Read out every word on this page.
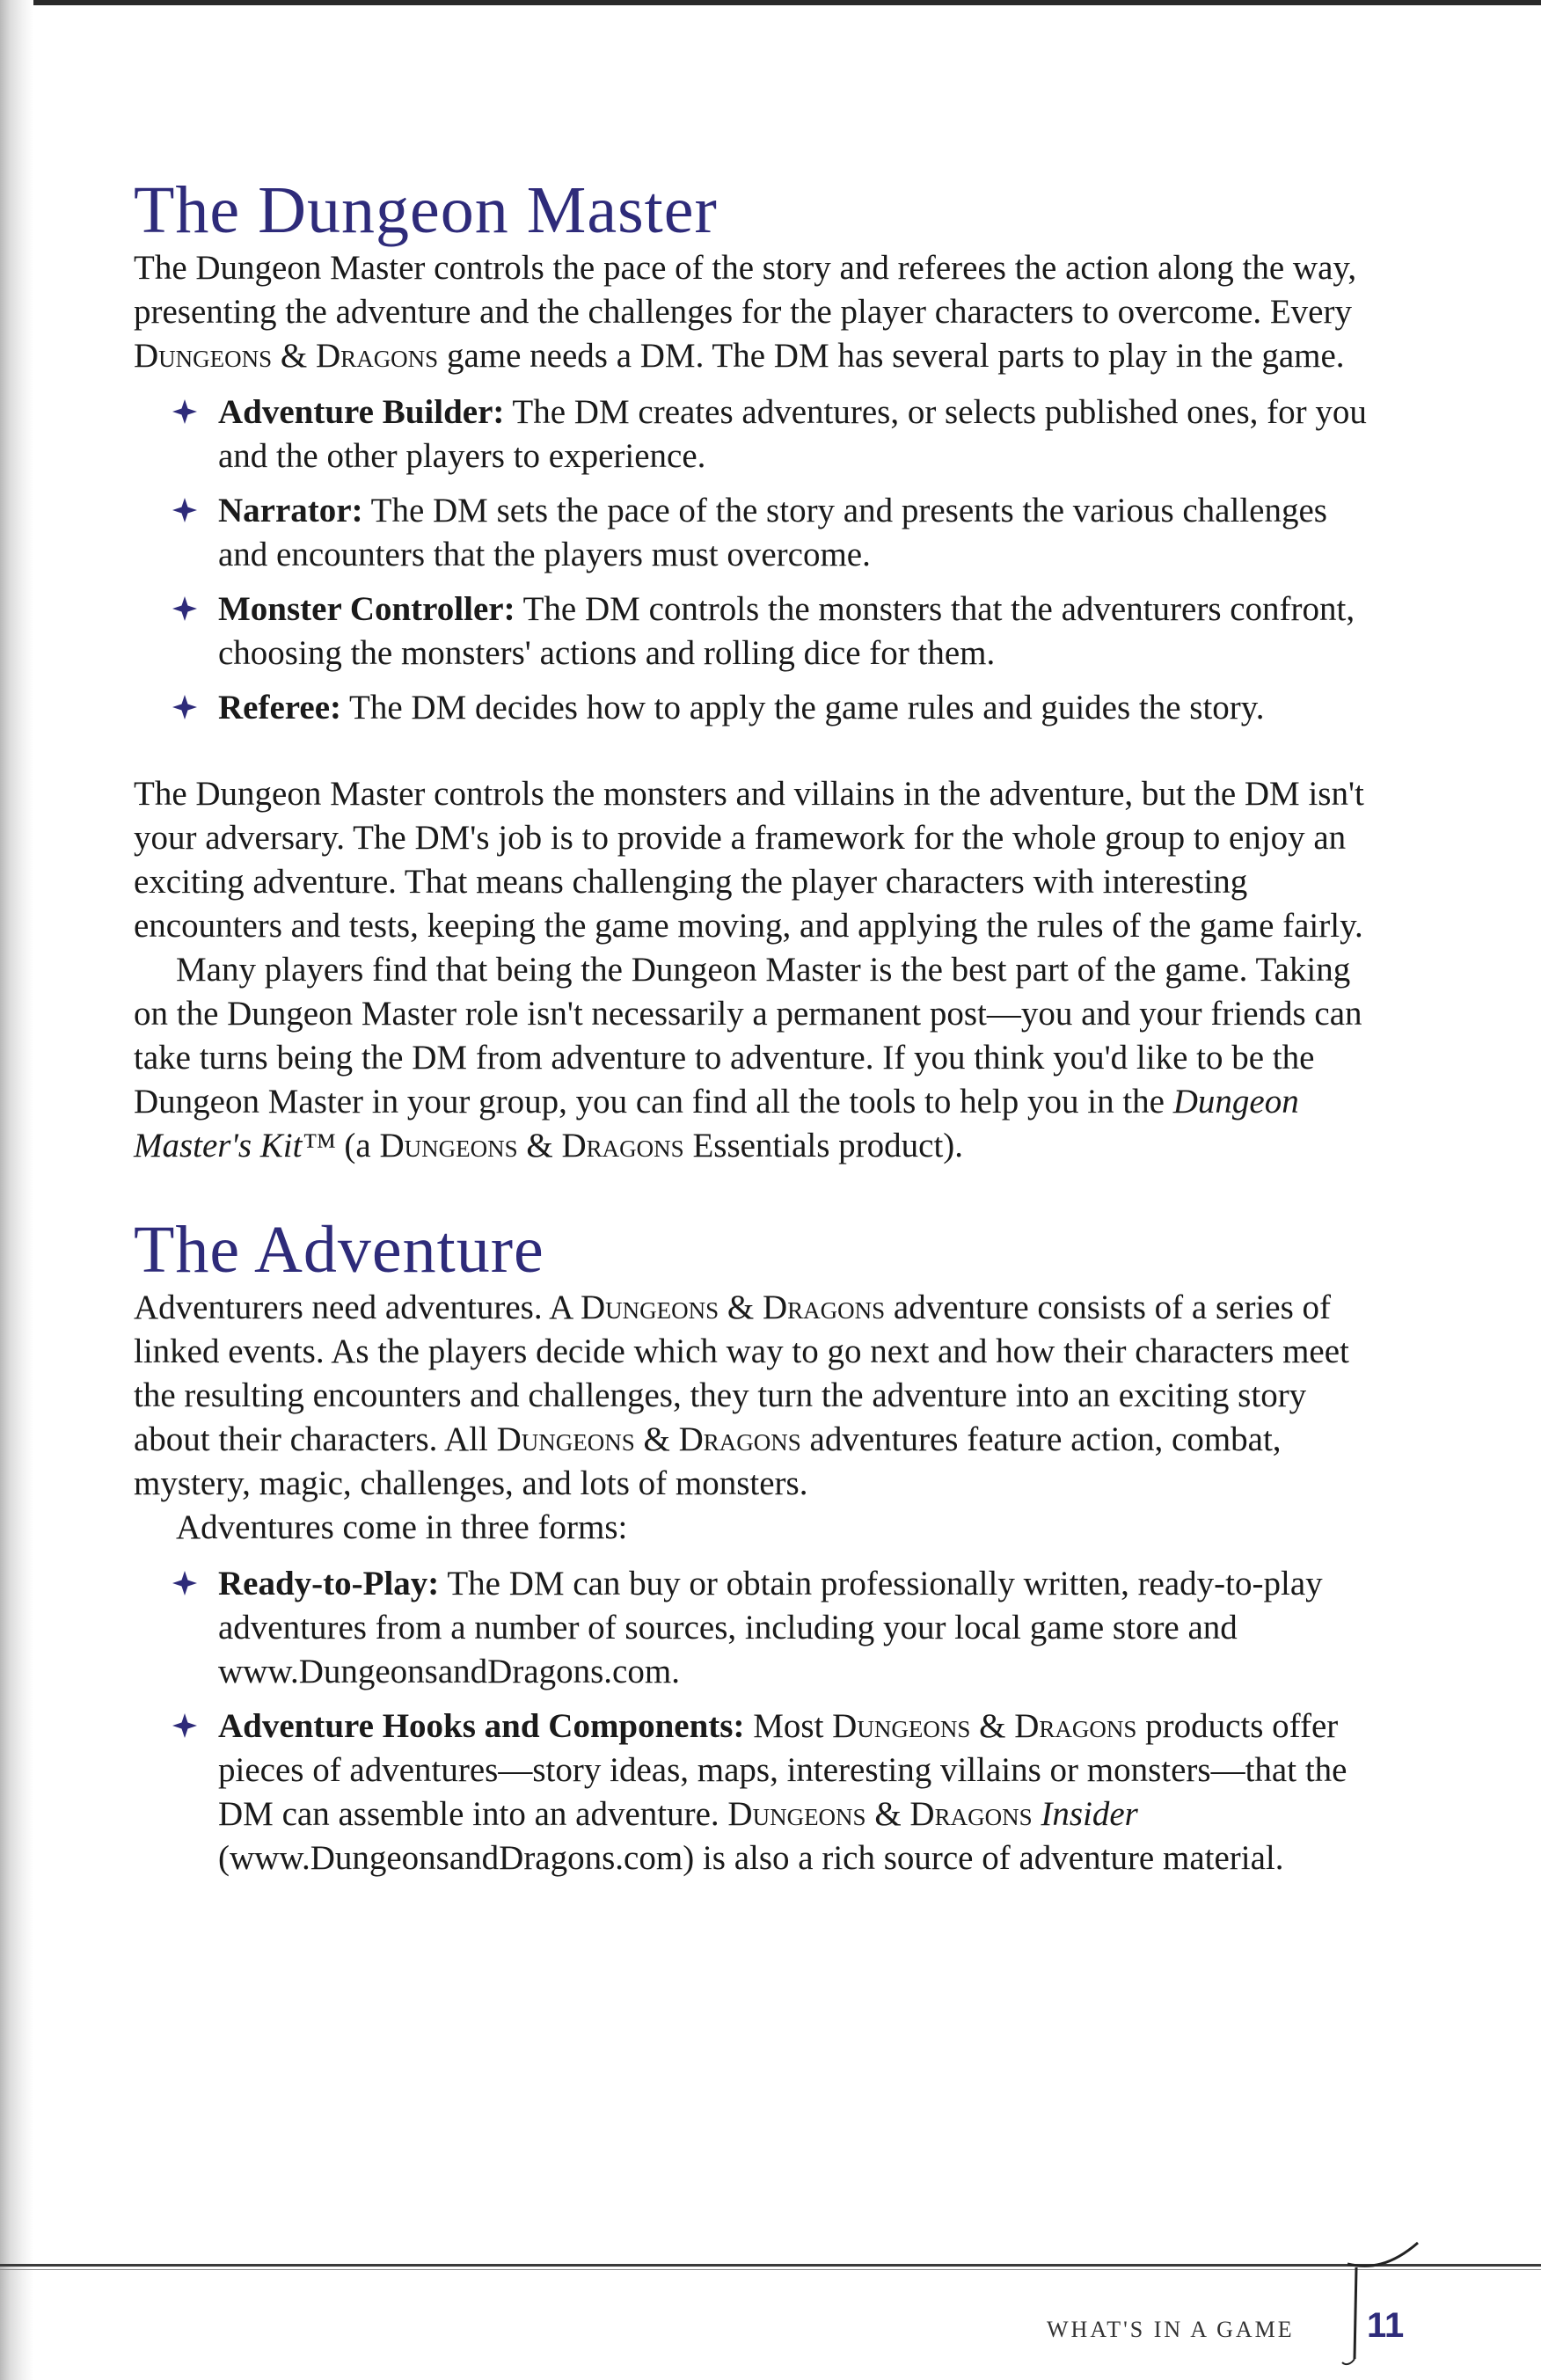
The Dungeon Master

The Dungeon Master controls the pace of the story and referees the action along the way, presenting the adventure and the challenges for the player characters to overcome. Every Dungeons & Dragons game needs a DM. The DM has several parts to play in the game.

Adventure Builder: The DM creates adventures, or selects published ones, for you and the other players to experience.
Narrator: The DM sets the pace of the story and presents the various challenges and encounters that the players must overcome.
Monster Controller: The DM controls the monsters that the adventurers confront, choosing the monsters' actions and rolling dice for them.
Referee: The DM decides how to apply the game rules and guides the story.

The Dungeon Master controls the monsters and villains in the adventure, but the DM isn't your adversary. The DM's job is to provide a framework for the whole group to enjoy an exciting adventure. That means challenging the player characters with interesting encounters and tests, keeping the game moving, and applying the rules of the game fairly.

Many players find that being the Dungeon Master is the best part of the game. Taking on the Dungeon Master role isn't necessarily a permanent post—you and your friends can take turns being the DM from adventure to adventure. If you think you'd like to be the Dungeon Master in your group, you can find all the tools to help you in the Dungeon Master's Kit™ (a Dungeons & Dragons Essentials product).

The Adventure

Adventurers need adventures. A Dungeons & Dragons adventure consists of a series of linked events. As the players decide which way to go next and how their characters meet the resulting encounters and challenges, they turn the adventure into an exciting story about their characters. All Dungeons & Dragons adventures feature action, combat, mystery, magic, challenges, and lots of monsters.

Adventures come in three forms:

Ready-to-Play: The DM can buy or obtain professionally written, ready-to-play adventures from a number of sources, including your local game store and www.DungeonsandDragons.com.
Adventure Hooks and Components: Most Dungeons & Dragons products offer pieces of adventures—story ideas, maps, interesting villains or monsters—that the DM can assemble into an adventure. Dungeons & Dragons Insider (www.DungeonsandDragons.com) is also a rich source of adventure material.
WHAT'S IN A GAME 11
